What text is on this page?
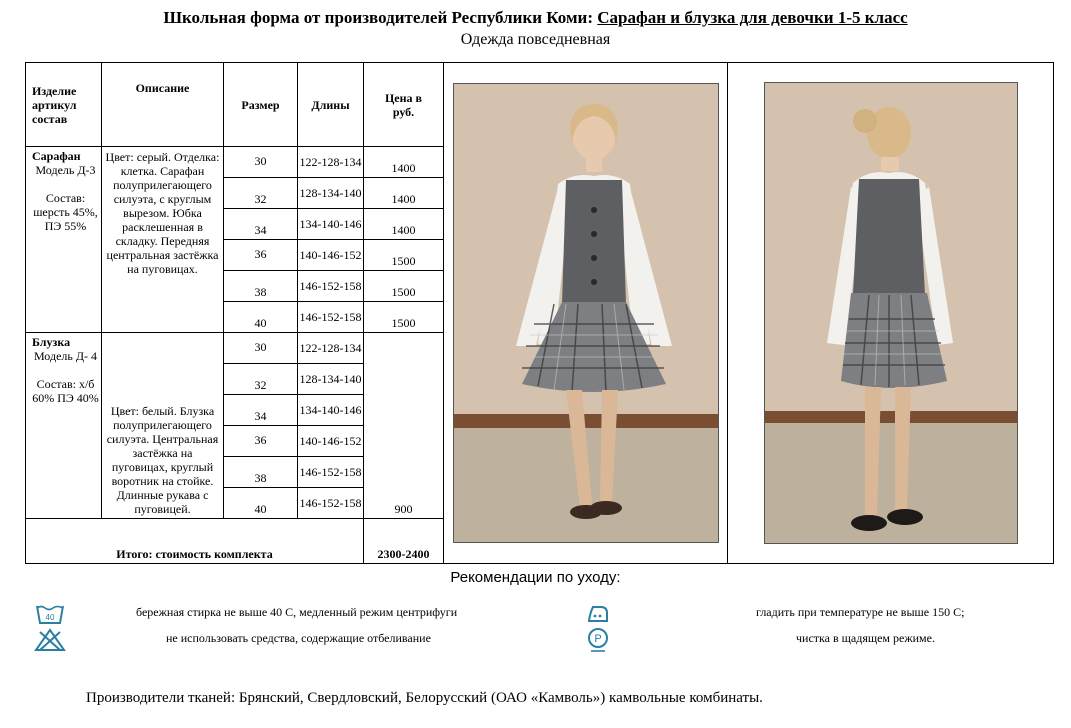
Школьная форма от производителей Республики Коми: Сарафан и блузка для девочки 1-5 класс
Одежда повседневная
Изделие артикул состав	Описание	Размер	Длины	Цена в руб.	

Сарафан
Модель Д-3

Состав: шерсть 45%, ПЭ 55%	Цвет: серый. Отделка: клетка. Сарафан полуприлегающего силуэта, с круглым вырезом. Юбка расклешенная в складку. Передняя центральная застёжка на пуговицах.	30	122-128-134	1400		
		32	128-134-140	1400		
		34	134-140-146	1400		
		36	140-146-152	1500		
		38	146-152-158	1500		
		40	146-152-158	1500		

Блузка
Модель Д- 4

Состав: х/б 60% ПЭ 40%	Цвет: белый. Блузка полуприлегающего силуэта. Центральная застёжка на пуговицах, круглый воротник на стойке. Длинные рукава с пуговицей.	30	122-128-134	900		
		32	128-134-140			
		34	134-140-146			
		36	140-146-152			
		38	146-152-158			
		40	146-152-158			
Итого: стоимость комплекта				2300-2400		
Рекомендации по уходу:
40	бережная стирка не выше 40 С, медленный режим центрифуги
не использовать средства, содержащие отбеливание	P
гладить при температуре не выше 150 С;
чистка в щадящем режиме.
Производители тканей: Брянский, Свердловский, Белорусский (ОАО «Камволь») камвольные комбинаты.
